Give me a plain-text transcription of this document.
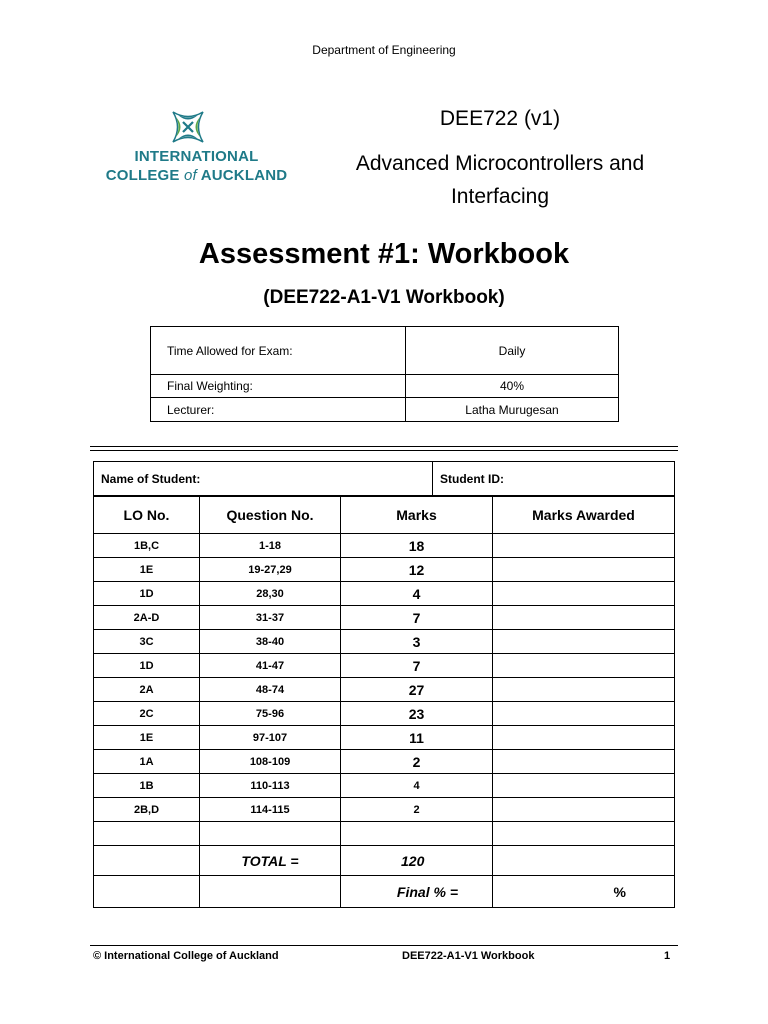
Department of Engineering
INTERNATIONAL
COLLEGE of AUCKLAND
DEE722 (v1)
Advanced Microcontrollers and Interfacing
Assessment #1: Workbook
(DEE722-A1-V1 Workbook)
Time Allowed for Exam:	Daily
Final Weighting:	40%
Lecturer:	Latha Murugesan
Name of Student:	Student ID:
LO No.	Question No.	Marks	Marks Awarded
1B,C	1-18	18	
1E	19-27,29	12	
1D	28,30	4	
2A-D	31-37	7	
3C	38-40	3	
1D	41-47	7	
2A	48-74	27	
2C	75-96	23	
1E	97-107	11	
1A	108-109	2	
1B	110-113	4	
2B,D	114-115	2	

	TOTAL =	120	
		Final % =	%
© International College of Auckland	DEE722-A1-V1 Workbook	1
